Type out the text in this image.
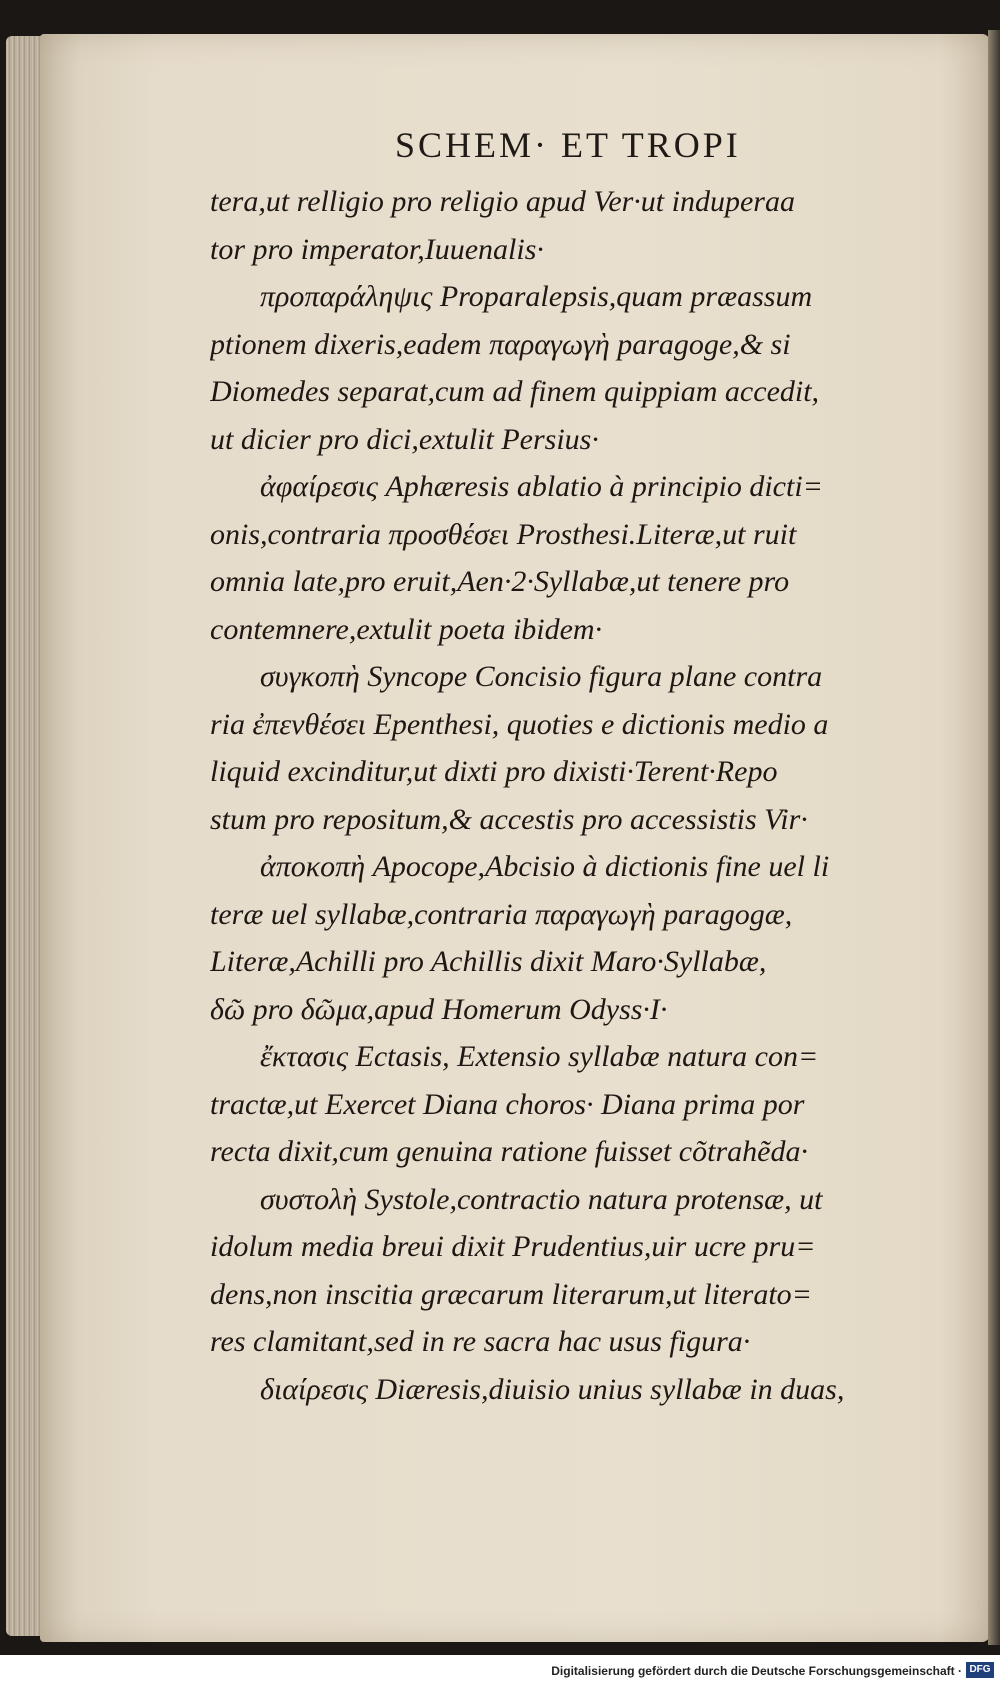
SCHEM· ET TROPI
tera,ut relligio pro religio apud Ver·ut induperaa
tor pro imperator,Iuuenalis·
προπαράληψις Proparalepsis,quam præassum
ptionem dixeris,eadem παραγωγὴ paragoge,& si
Diomedes separat,cum ad finem quippiam accedit,
ut dicier pro dici,extulit Persius·
ἀφαίρεσις Aphæresis ablatio à principio dicti=
onis,contraria προσθέσει Prosthesi.Literæ,ut ruit
omnia late,pro eruit,Aen·2·Syllabæ,ut tenere pro
contemnere,extulit poeta ibidem·
συγκοπὴ Syncope Concisio figura plane contra
ria ἐπενθέσει Epenthesi, quoties e dictionis medio a
liquid excinditur,ut dixti pro dixisti·Terent·Repo
stum pro repositum,& accestis pro accessistis Vir·
ἀποκοπὴ Apocope,Abcisio à dictionis fine uel li
teræ uel syllabæ,contraria παραγωγὴ paragogæ,
Literæ,Achilli pro Achillis dixit Maro·Syllabæ,
δῶ pro δῶμα,apud Homerum Odyss·I·
ἔκτασις Ectasis, Extensio syllabæ natura con=
tractæ,ut Exercet Diana choros· Diana prima por
recta dixit,cum genuina ratione fuisset cõtrahẽda·
συστολὴ Systole,contractio natura protensæ, ut
idolum media breui dixit Prudentius,uir ucre pru=
dens,non inscitia græcarum literarum,ut literato=
res clamitant,sed in re sacra hac usus figura·
διαίρεσις Diæresis,diuisio unius syllabæ in duas,
Digitalisierung gefördert durch die Deutsche Forschungsgemeinschaft · DFG
